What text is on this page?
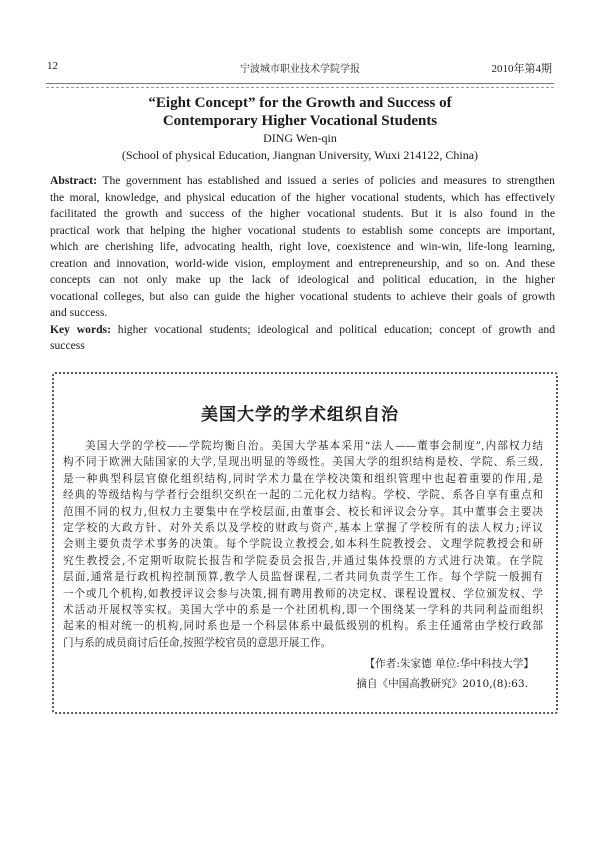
12	宁波城市职业技术学院学报	2010年第4期
“Eight Concept” for the Growth and Success of
Contemporary Higher Vocational Students
DING Wen-qin
(School of physical Education, Jiangnan University, Wuxi 214122, China)
Abstract: The government has established and issued a series of policies and measures to strengthen
the moral, knowledge, and physical education of the higher vocational students, which has effectively
facilitated the growth and success of the higher vocational students. But it is also found in the
practical work that helping the higher vocational students to establish some concepts are important,
which are cherishing life, advocating health, right love, coexistence and win-win, life-long learning,
creation and innovation, world-wide vision, employment and entrepreneurship, and so on. And these
concepts can not only make up the lack of ideological and political education, in the higher
vocational colleges, but also can guide the higher vocational students to achieve their goals of growth
and success.
Key words: higher vocational students; ideological and political education; concept of growth and
success
美国大学的学术组织自治
美国大学的学校——学院均衡自治。美国大学基本采用“法人——董事会制度”,内部权力结
构不同于欧洲大陆国家的大学,呈现出明显的等级性。美国大学的组织结构是校、学院、系三级,
是一种典型科层官僚化组织结构,同时学术力量在学校决策和组织管理中也起着重要的作用,是
经典的等级结构与学者行会组织交织在一起的二元化权力结构。学校、学院、系各自享有重点和
范围不同的权力,但权力主要集中在学校层面,由董事会、校长和评议会分享。其中董事会主要决
定学校的大政方针、对外关系以及学校的财政与资产,基本上掌握了学校所有的法人权力;评议
会则主要负责学术事务的决策。每个学院设立教授会,如本科生院教授会、文理学院教授会和研
究生教授会,不定期听取院长报告和学院委员会报告,并通过集体投票的方式进行决策。在学院
层面,通常是行政机构控制预算,教学人员监督课程,二者共同负责学生工作。每个学院一般拥有
一个或几个机构,如教授评议会参与决策,拥有聘用教师的决定权、课程设置权、学位颁发权、学
术活动开展权等实权。美国大学中的系是一个社团机构,即一个围绕某一学科的共同利益而组织
起来的相对统一的机构,同时系也是一个科层体系中最低级别的机构。系主任通常由学校行政部
门与系的成员商讨后任命,按照学校官员的意思开展工作。
【作者:朱家德 单位:华中科技大学】
摘自《中国高教研究》2010,(8):63.
